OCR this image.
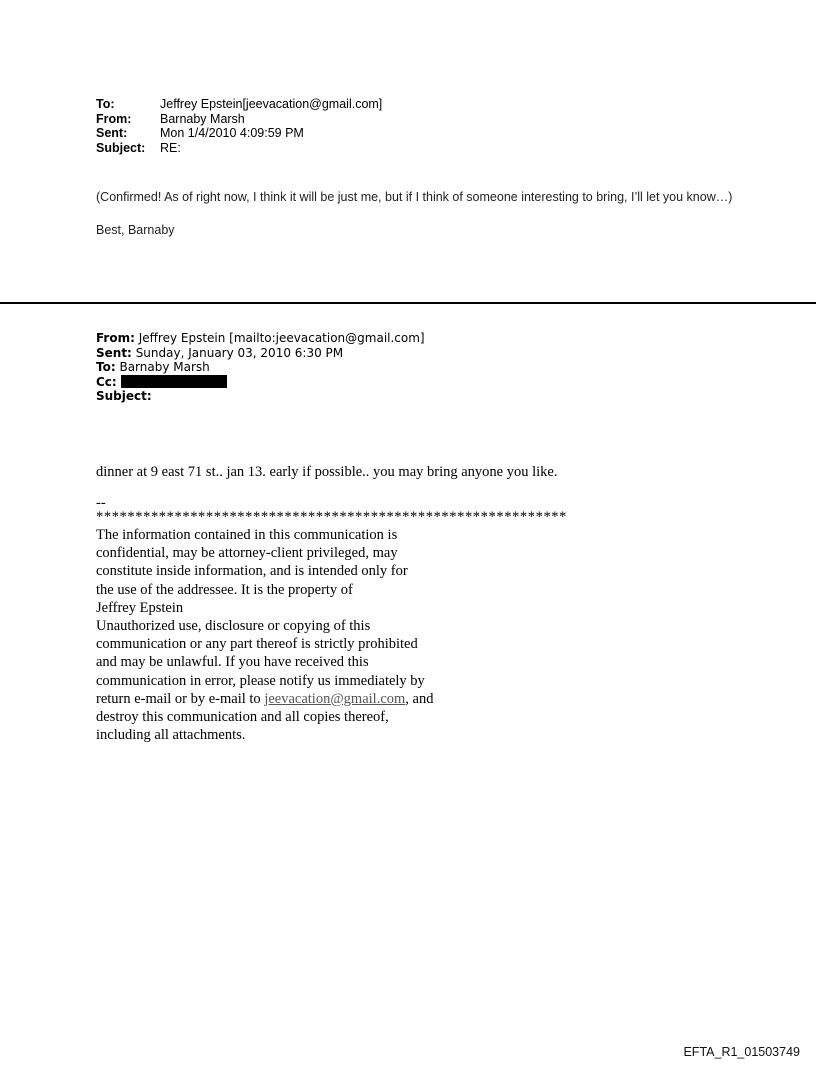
To:	Jeffrey Epstein[jeevacation@gmail.com]
From:	Barnaby Marsh
Sent:	Mon 1/4/2010 4:09:59 PM
Subject:	RE:

(Confirmed! As of right now, I think it will be just me, but if I think of someone interesting to bring, I’ll let you know…)

Best, Barnaby

From: Jeffrey Epstein [mailto:jeevacation@gmail.com]
Sent: Sunday, January 03, 2010 6:30 PM
To: Barnaby Marsh
Cc:
Subject:

dinner at 9 east 71 st.. jan 13. early if possible.. you may bring anyone you like.

--

************************************************************

The information contained in this communication is

confidential, may be attorney-client privileged, may

constitute inside information, and is intended only for

the use of the addressee. It is the property of

Jeffrey Epstein

Unauthorized use, disclosure or copying of this

communication or any part thereof is strictly prohibited

and may be unlawful. If you have received this

communication in error, please notify us immediately by

return e-mail or by e-mail to jeevacation@gmail.com, and

destroy this communication and all copies thereof,

including all attachments.

EFTA_R1_01503749
